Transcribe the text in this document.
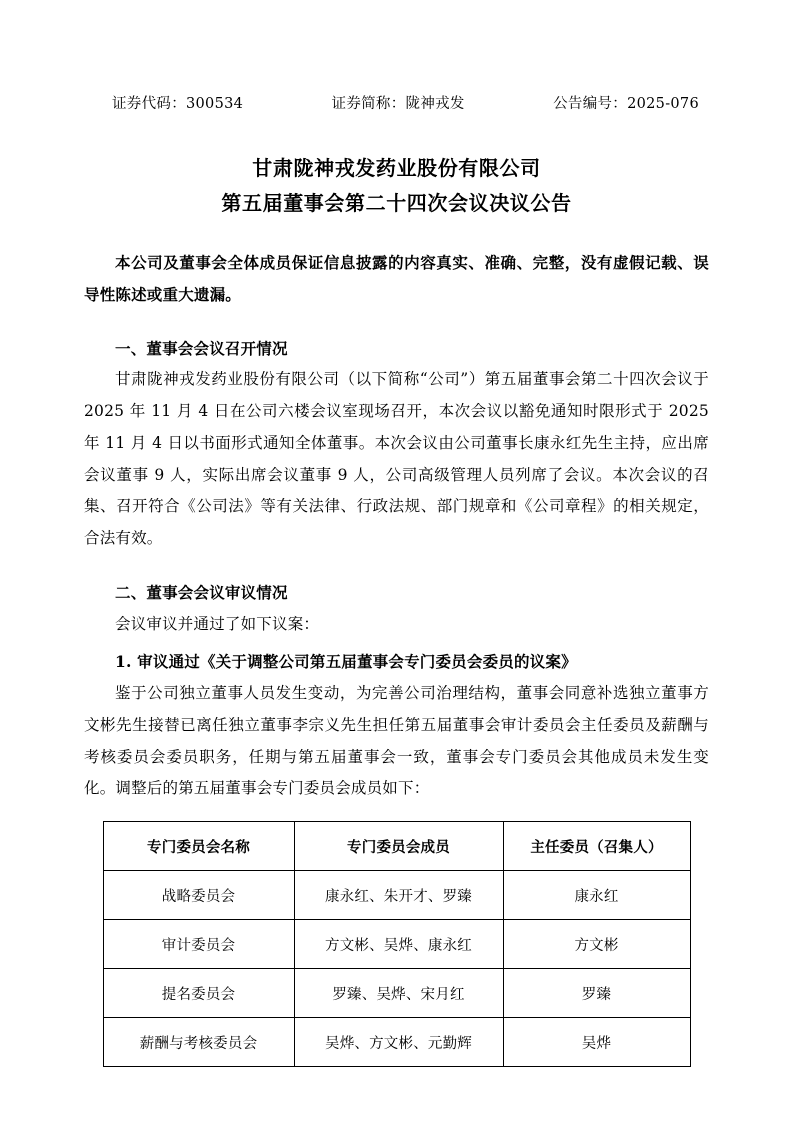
证券代码：300534	证券简称：陇神戎发	公告编号：2025-076
甘肃陇神戎发药业股份有限公司
第五届董事会第二十四次会议决议公告
本公司及董事会全体成员保证信息披露的内容真实、准确、完整，没有虚假记载、误导性陈述或重大遗漏。
一、董事会会议召开情况

甘肃陇神戎发药业股份有限公司（以下简称“公司”）第五届董事会第二十四次会议于 2025 年 11 月 4 日在公司六楼会议室现场召开，本次会议以豁免通知时限形式于 2025 年 11 月 4 日以书面形式通知全体董事。本次会议由公司董事长康永红先生主持，应出席会议董事 9 人，实际出席会议董事 9 人，公司高级管理人员列席了会议。本次会议的召集、召开符合《公司法》等有关法律、行政法规、部门规章和《公司章程》的相关规定，合法有效。

二、董事会会议审议情况

会议审议并通过了如下议案：

1. 审议通过《关于调整公司第五届董事会专门委员会委员的议案》

鉴于公司独立董事人员发生变动，为完善公司治理结构，董事会同意补选独立董事方文彬先生接替已离任独立董事李宗义先生担任第五届董事会审计委员会主任委员及薪酬与考核委员会委员职务，任期与第五届董事会一致，董事会专门委员会其他成员未发生变化。调整后的第五届董事会专门委员会成员如下：

专门委员会名称	专门委员会成员	主任委员（召集人）
战略委员会	康永红、朱开才、罗臻	康永红
审计委员会	方文彬、吴烨、康永红	方文彬
提名委员会	罗臻、吴烨、宋月红	罗臻
薪酬与考核委员会	吴烨、方文彬、元勤辉	吴烨
